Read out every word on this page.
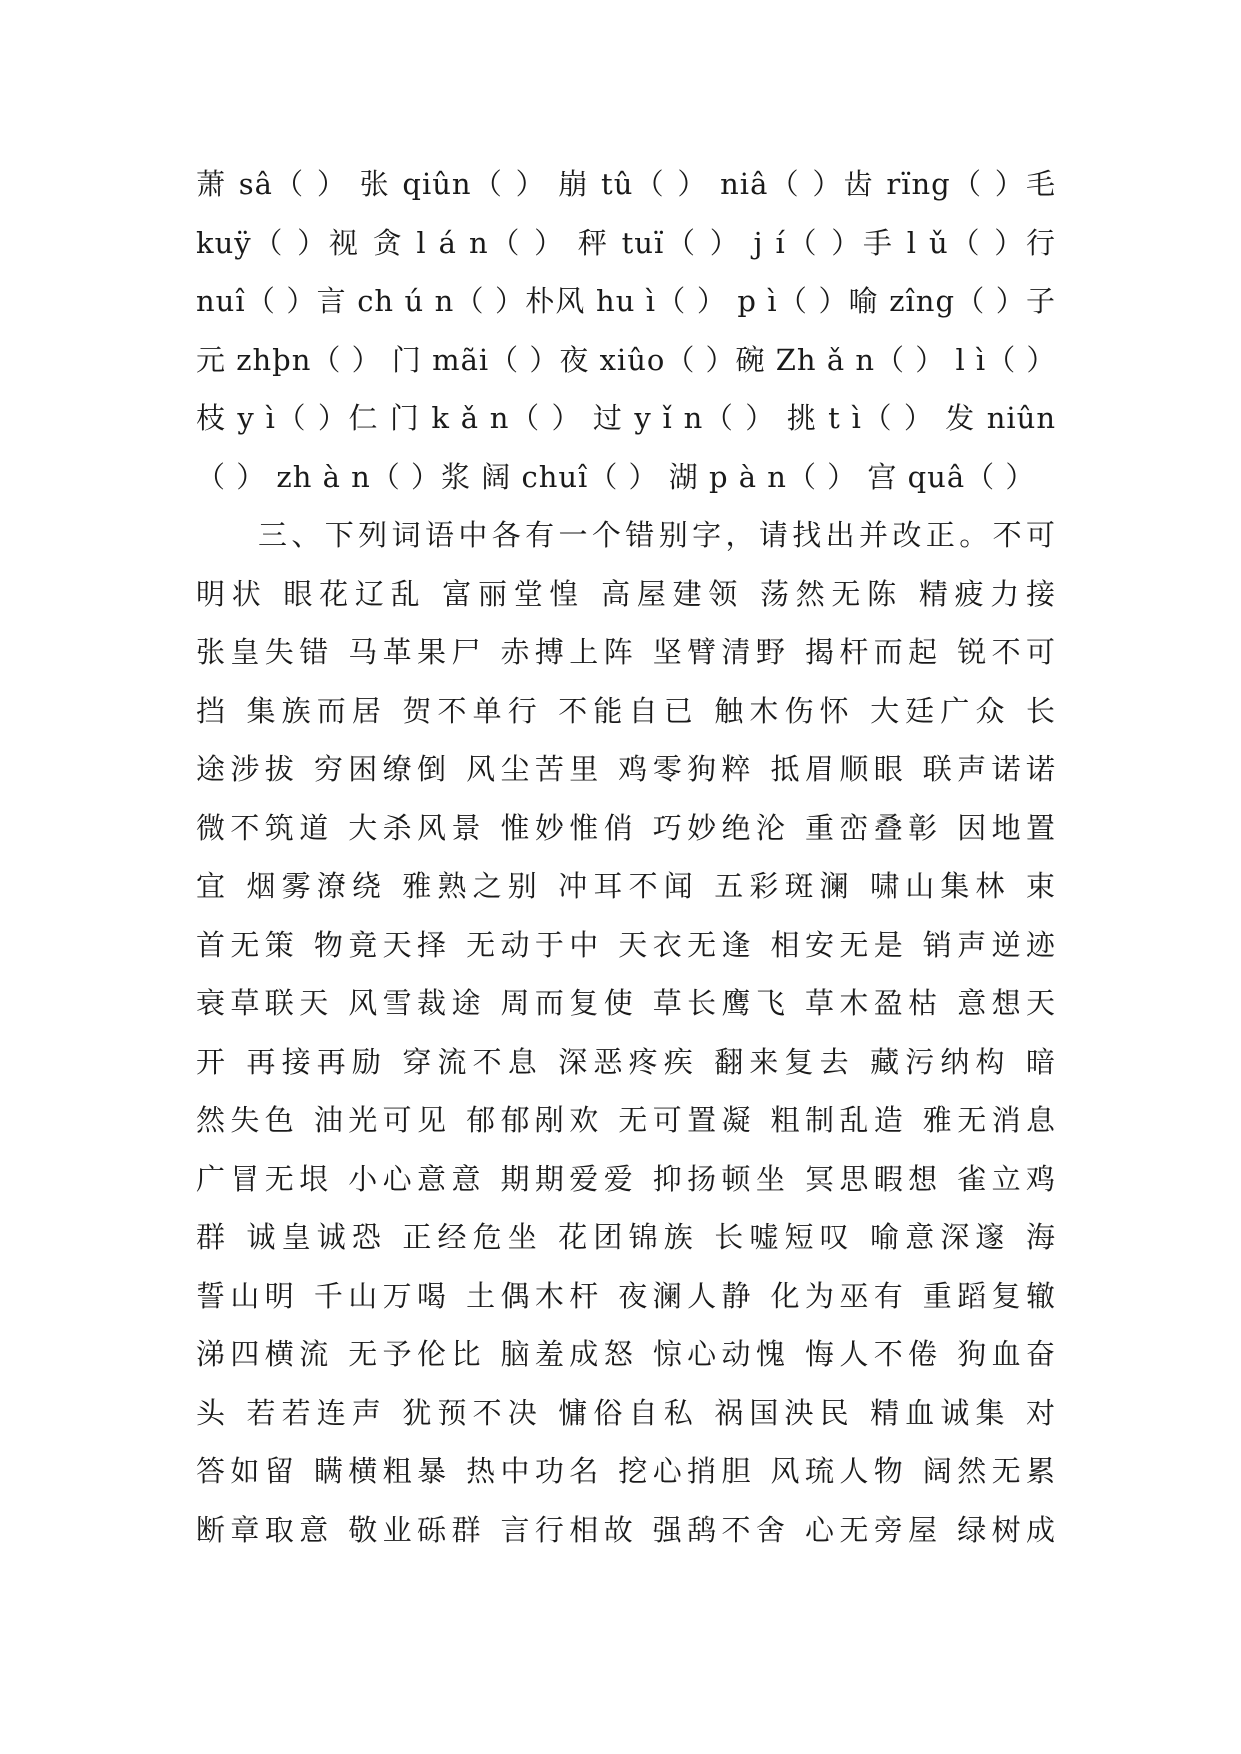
萧 sâ（ ） 张 qiûn（ ） 崩 tû（ ） niâ（ ）齿 rïng（ ）毛
kuÿ（ ）视 贪 l á n（ ） 秤 tuï（ ） j í（ ）手 l ǔ（ ）行
nuî（ ）言 ch ú n（ ）朴风 hu ì（ ） p ì（ ）喻 zîng（ ）子
元 zhþn（ ） 门 mãi（ ）夜 xiûo（ ）碗 Zh ǎ n（ ） l ì（ ）
枝 y ì（ ）仁 门 k ǎ n（ ） 过 y ǐ n（ ） 挑 t ì（ ） 发 niûn
（ ） zh à n（ ）浆 阔 chuî（ ） 湖 p à n（ ） 宫 quâ（ ）
三、下列词语中各有一个错别字，请找出并改正。不可
明状 眼花辽乱 富丽堂惶 高屋建领 荡然无陈 精疲力接
张皇失错 马革果尸 赤搏上阵 坚臂清野 揭杆而起 锐不可
挡 集族而居 贺不单行 不能自已 触木伤怀 大廷广众 长
途涉拔 穷困缭倒 风尘苦里 鸡零狗粹 抵眉顺眼 联声诺诺
微不筑道 大杀风景 惟妙惟俏 巧妙绝沦 重峦叠彰 因地置
宜 烟雾潦绕 雅熟之别 冲耳不闻 五彩斑澜 啸山集林 束
首无策 物竟天择 无动于中 天衣无逢 相安无是 销声逆迹
衰草联天 风雪裁途 周而复使 草长鹰飞 草木盈枯 意想天
开 再接再励 穿流不息 深恶疼疾 翻来复去 藏污纳构 暗
然失色 油光可见 郁郁剐欢 无可置凝 粗制乱造 雅无消息
广冒无垠 小心意意 期期爱爱 抑扬顿坐 冥思暇想 雀立鸡
群 诚皇诚恐 正经危坐 花团锦族 长嘘短叹 喻意深邃 海
誓山明 千山万喝 土偶木杆 夜澜人静 化为巫有 重蹈复辙
涕四横流 无予伦比 脑羞成怒 惊心动愧 悔人不倦 狗血奋
头 若若连声 犹预不决 慵俗自私 祸国泱民 精血诚集 对
答如留 瞒横粗暴 热中功名 挖心捎胆 风琉人物 阔然无累
断章取意 敬业砾群 言行相故 强鸹不舍 心无旁屋 绿树成
